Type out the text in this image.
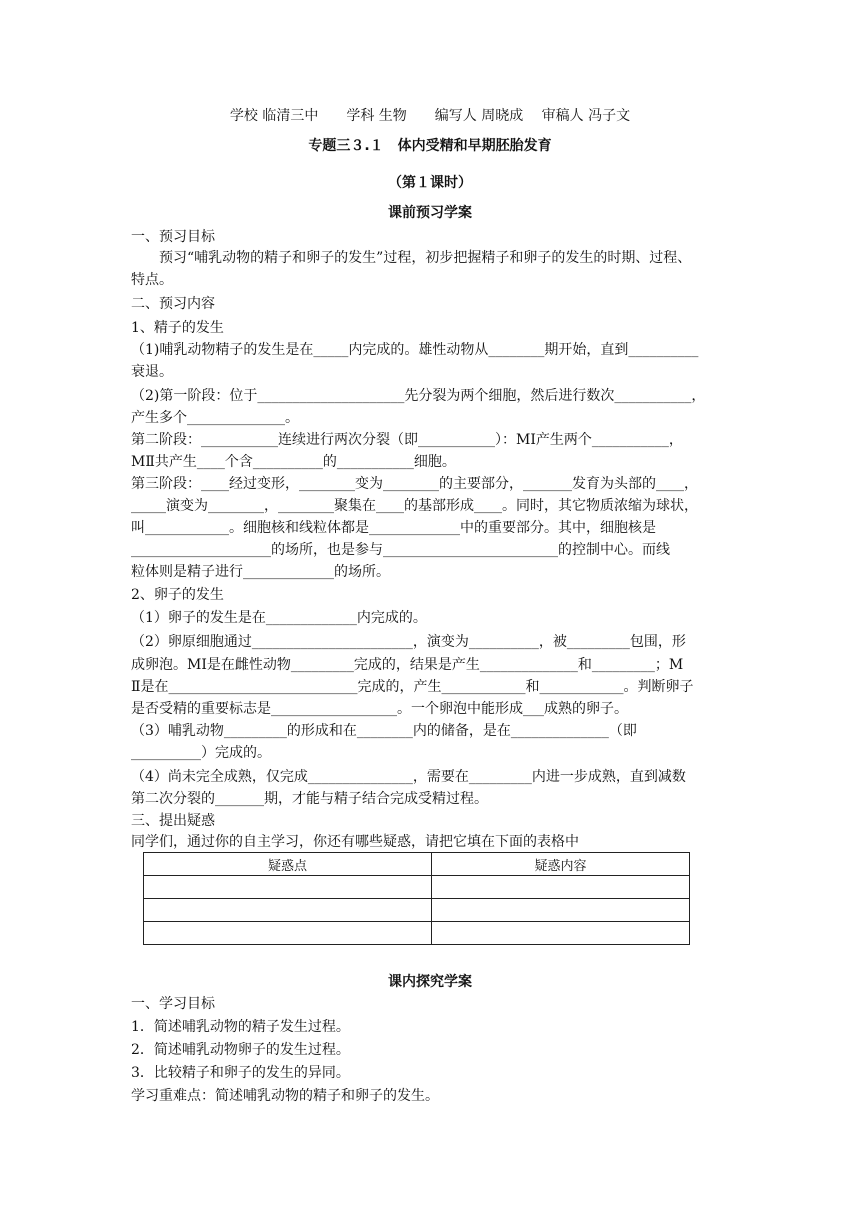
学校 临清三中　　学科 生物　　编写人 周晓成　 审稿人 冯子文
专题三３.１　体内受精和早期胚胎发育
（第１课时）
课前预习学案
一、预习目标
预习“哺乳动物的精子和卵子的发生”过程，初步把握精子和卵子的发生的时期、过程、
特点。
二、预习内容
1、精子的发生
（1)哺乳动物精子的发生是在_____内完成的。雄性动物从________期开始，直到__________
衰退。
（2)第一阶段：位于_____________________先分裂为两个细胞，然后进行数次___________，
产生多个______________。
第二阶段：___________连续进行两次分裂（即___________）：MⅠ产生两个___________，
MⅡ共产生____个含__________的___________细胞。
第三阶段：____经过变形，________变为________的主要部分，_______发育为头部的____，
_____演变为________，________聚集在____的基部形成____。同时，其它物质浓缩为球状，
叫____________。细胞核和线粒体都是_____________中的重要部分。其中，细胞核是
____________________的场所，也是参与_________________________的控制中心。而线
粒体则是精子进行_____________的场所。
2、卵子的发生
（1）卵子的发生是在_____________内完成的。
（2）卵原细胞通过_______________________，演变为__________，被_________包围，形
成卵泡。MⅠ是在雌性动物_________完成的，结果是产生______________和_________；M
Ⅱ是在___________________________完成的，产生____________和____________。判断卵子
是否受精的重要标志是__________________。一个卵泡中能形成___成熟的卵子。
（3）哺乳动物_________的形成和在________内的储备，是在______________（即
__________）完成的。
（4）尚未完全成熟，仅完成_______________，需要在_________内进一步成熟，直到减数
第二次分裂的_______期，才能与精子结合完成受精过程。
三、提出疑惑
同学们，通过你的自主学习，你还有哪些疑惑，请把它填在下面的表格中
疑惑点	疑惑内容

课内探究学案
一、学习目标
1．简述哺乳动物的精子发生过程。
2．简述哺乳动物卵子的发生过程。
3．比较精子和卵子的发生的异同。
学习重难点：简述哺乳动物的精子和卵子的发生。
